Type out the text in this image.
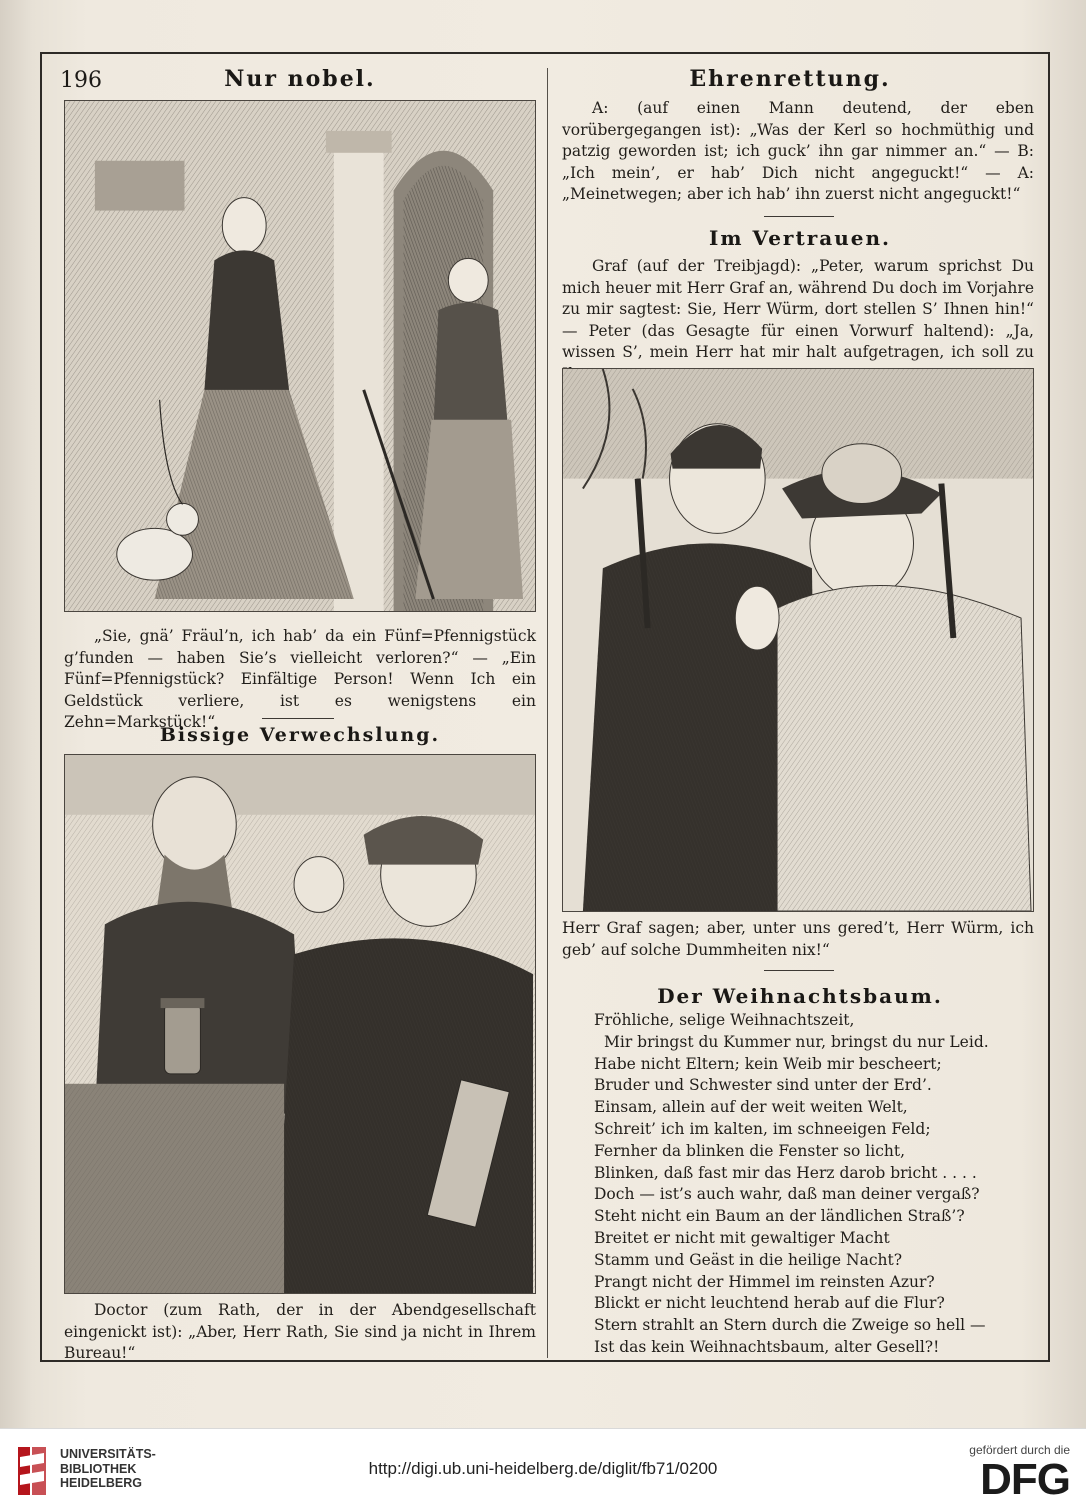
196	Nur nobel.
„Sie, gnä’ Fräul’n, ich hab’ da ein Fünf=Pfennigstück g’funden — haben Sie’s vielleicht verloren?“ — „Ein Fünf=Pfennigstück? Einfältige Person! Wenn Ich ein Geldstück verliere, ist es wenigstens ein Zehn=Markstück!“
Bissige Verwechslung.
Doctor (zum Rath, der in der Abendgesellschaft eingenickt ist): „Aber, Herr Rath, Sie sind ja nicht in Ihrem Bureau!“
Ehrenrettung.
A: (auf einen Mann deutend, der eben vorübergegangen ist): „Was der Kerl so hochmüthig und patzig geworden ist; ich guck’ ihn gar nimmer an.“ — B: „Ich mein’, er hab’ Dich nicht angeguckt!“ — A: „Meinetwegen; aber ich hab’ ihn zuerst nicht angeguckt!“
Im Vertrauen.
Graf (auf der Treibjagd): „Peter, warum sprichst Du mich heuer mit Herr Graf an, während Du doch im Vorjahre zu mir sagtest: Sie, Herr Würm, dort stellen S’ Ihnen hin!“ — Peter (das Gesagte für einen Vorwurf haltend): „Ja, wissen S’, mein Herr hat mir halt aufgetragen, ich soll zu
Herr Graf sagen; aber, unter uns gered’t, Herr Würm, ich geb’ auf solche Dummheiten nix!“
Der Weihnachtsbaum.
Fröhliche, selige Weihnachtszeit,
Mir bringst du Kummer nur, bringst du nur Leid.
Habe nicht Eltern; kein Weib mir bescheert;
Bruder und Schwester sind unter der Erd’.
Einsam, allein auf der weit weiten Welt,
Schreit’ ich im kalten, im schneeigen Feld;
Fernher da blinken die Fenster so licht,
Blinken, daß fast mir das Herz darob bricht . . . .
Doch — ist’s auch wahr, daß man deiner vergaß?
Steht nicht ein Baum an der ländlichen Straß’?
Breitet er nicht mit gewaltiger Macht
Stamm und Geäst in die heilige Nacht?
Prangt nicht der Himmel im reinsten Azur?
Blickt er nicht leuchtend herab auf die Flur?
Stern strahlt an Stern durch die Zweige so hell —
Ist das kein Weihnachtsbaum, alter Gesell?!
UNIVERSITÄTS-
BIBLIOTHEK
HEIDELBERG
http://digi.ub.uni-heidelberg.de/diglit/fb71/0200
gefördert durch die
DFG
